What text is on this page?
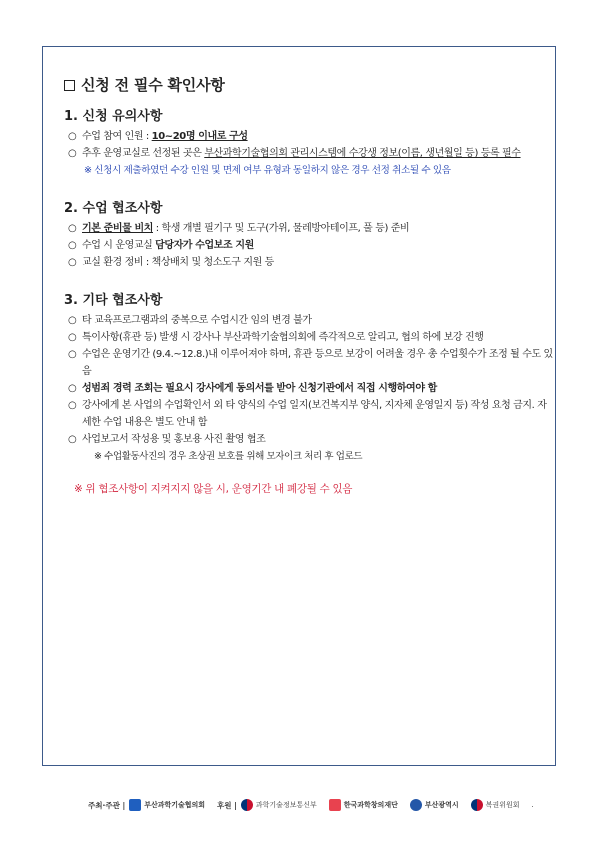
신청 전 필수 확인사항

1. 신청 유의사항

○ 수업 참여 인원 : 10~20명 이내로 구성

○ 추후 운영교실로 선정된 곳은 부산과학기술협의회 관리시스템에 수강생 정보(이름, 생년월일 등) 등록 필수

※ 신청시 제출하였던 수강 인원 및 면제 여부 유형과 동일하지 않은 경우 선정 취소될 수 있음

2. 수업 협조사항

○ 기본 준비물 비치 : 학생 개별 필기구 및 도구(가위, 물레방아테이프, 풀 등) 준비

○ 수업 시 운영교실 담당자가 수업보조 지원

○ 교실 환경 정비 : 책상배치 및 청소도구 지원 등

3. 기타 협조사항

○ 타 교육프로그램과의 중복으로 수업시간 임의 변경 불가

○ 특이사항(휴관 등) 발생 시 강사나 부산과학기술협의회에 즉각적으로 알리고, 협의 하에 보강 진행

○ 수업은 운영기간 (9.4.~12.8.)내 이루어져야 하며, 휴관 등으로 보강이 어려울 경우 총 수업횟수가 조정 될 수도 있음

○ 성범죄 경력 조회는 필요시 강사에게 동의서를 받아 신청기관에서 직접 시행하여야 함

○ 강사에게 본 사업의 수업확인서 외 타 양식의 수업 일지(보건복지부 양식, 지자체 운영일지 등) 작성 요청 금지. 자세한 수업 내용은 별도 안내 함

○ 사업보고서 작성용 및 홍보용 사진 촬영 협조

※ 수업활동사진의 경우 초상권 보호를 위해 모자이크 처리 후 업로드

※ 위 협조사항이 지켜지지 않을 시, 운영기간 내 폐강될 수 있음

주최·주관 |	부산과학기술협의회 후원 |	과학기술정보통신부	한국과학창의재단	부산광역시	복권위원회 .
